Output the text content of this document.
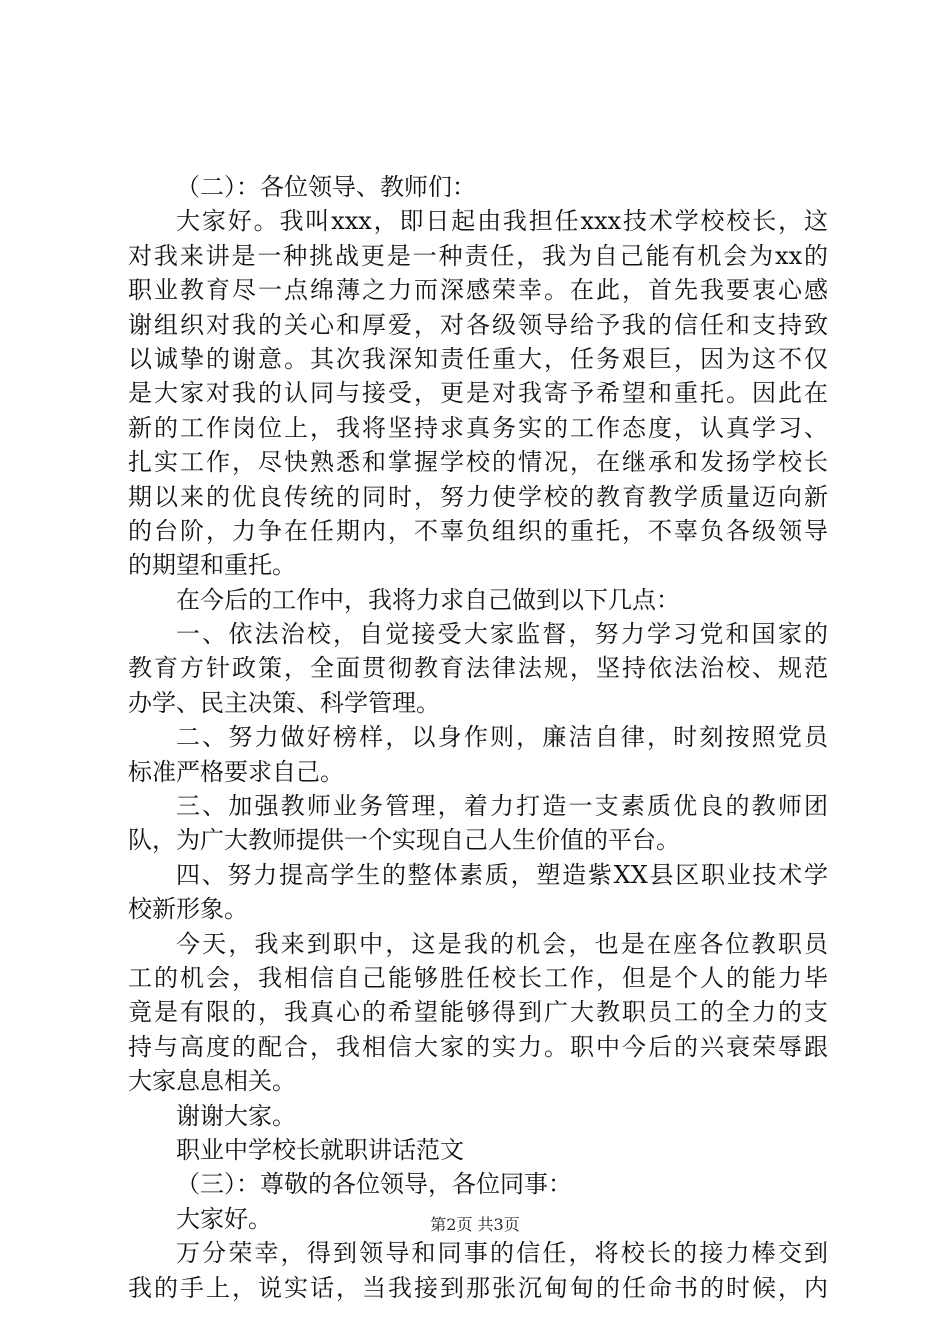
（二）：各位领导、教师们：
大家好。我叫xxx，即日起由我担任xxx技术学校校长，这
对我来讲是一种挑战更是一种责任，我为自己能有机会为xx的
职业教育尽一点绵薄之力而深感荣幸。在此，首先我要衷心感
谢组织对我的关心和厚爱，对各级领导给予我的信任和支持致
以诚挚的谢意。其次我深知责任重大，任务艰巨，因为这不仅
是大家对我的认同与接受，更是对我寄予希望和重托。因此在
新的工作岗位上，我将坚持求真务实的工作态度，认真学习、
扎实工作，尽快熟悉和掌握学校的情况，在继承和发扬学校长
期以来的优良传统的同时，努力使学校的教育教学质量迈向新
的台阶，力争在任期内，不辜负组织的重托，不辜负各级领导
的期望和重托。
在今后的工作中，我将力求自己做到以下几点：
一、依法治校，自觉接受大家监督，努力学习党和国家的
教育方针政策，全面贯彻教育法律法规，坚持依法治校、规范
办学、民主决策、科学管理。
二、努力做好榜样，以身作则，廉洁自律，时刻按照党员
标准严格要求自己。
三、加强教师业务管理，着力打造一支素质优良的教师团
队，为广大教师提供一个实现自己人生价值的平台。
四、努力提高学生的整体素质，塑造紫XX县区职业技术学
校新形象。
今天，我来到职中，这是我的机会，也是在座各位教职员
工的机会，我相信自己能够胜任校长工作，但是个人的能力毕
竟是有限的，我真心的希望能够得到广大教职员工的全力的支
持与高度的配合，我相信大家的实力。职中今后的兴衰荣辱跟
大家息息相关。
谢谢大家。
职业中学校长就职讲话范文
（三）：尊敬的各位领导，各位同事：
大家好。
万分荣幸，得到领导和同事的信任，将校长的接力棒交到
我的手上，说实话，当我接到那张沉甸甸的任命书的时候，内
第2页 共3页
